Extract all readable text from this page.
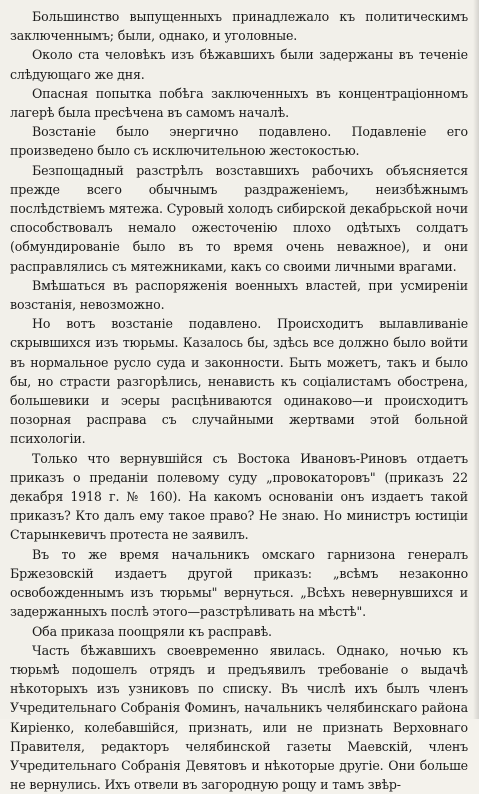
Большинство выпущенныхъ принадлежало къ политическимъ заключеннымъ; были, однако, и уголовные.

Около ста человѣкъ изъ бѣжавшихъ были задержаны въ теченіе слѣдующаго же дня.

Опасная попытка побѣга заключенныхъ въ концентраціонномъ лагерѣ была пресѣчена въ самомъ началѣ.

Возстаніе было энергично подавлено. Подавленіе его произведено было съ исключительною жестокостью.

Безпощадный разстрѣлъ возставшихъ рабочихъ объясняется прежде всего обычнымъ раздраженіемъ, неизбѣжнымъ послѣдствіемъ мятежа. Суровый холодъ сибирской декабрьской ночи способствовалъ немало ожесточенію плохо одѣтыхъ солдатъ (обмундированіе было въ то время очень неважное), и они расправлялись съ мятежниками, какъ со своими личными врагами.

Вмѣшаться въ распоряженія военныхъ властей, при усмиреніи возстанія, невозможно.

Но вотъ возстаніе подавлено. Происходитъ вылавливаніе скрывшихся изъ тюрьмы. Казалось бы, здѣсь все должно было войти въ нормальное русло суда и законности. Быть можетъ, такъ и было бы, но страсти разгорѣлись, ненависть къ соціалистамъ обострена, большевики и эсеры расцѣниваются одинаково—и происходитъ позорная расправа съ случайными жертвами этой больной психологіи.

Только что вернувшійся съ Востока Ивановъ-Риновъ отдаетъ приказъ о преданіи полевому суду „провокаторовъ" (приказъ 22 декабря 1918 г. № 160). На какомъ основаніи онъ издаетъ такой приказъ? Кто далъ ему такое право? Не знаю. Но министръ юстиціи Старынкевичъ протеста не заявилъ.

Въ то же время начальникъ омскаго гарнизона генералъ Бржезовскій издаетъ другой приказъ: „всѣмъ незаконно освобожденнымъ изъ тюрьмы" вернуться. „Всѣхъ невернувшихся и задержанныхъ послѣ этого—разстрѣливать на мѣстѣ".

Оба приказа поощряли къ расправѣ.

Часть бѣжавшихъ своевременно явилась. Однако, ночью къ тюрьмѣ подошелъ отрядъ и предъявилъ требованіе о выдачѣ нѣкоторыхъ изъ узниковъ по списку. Въ числѣ ихъ былъ членъ Учредительнаго Собранія Фоминъ, начальникъ челябинскаго района Киріенко, колебавшійся, признать, или не признать Верховнаго Правителя, редакторъ челябинской газеты Маевскій, членъ Учредительнаго Собранія Девятовъ и нѣкоторые другіе. Они больше не вернулись. Ихъ отвели въ загородную рощу и тамъ звѣр-
